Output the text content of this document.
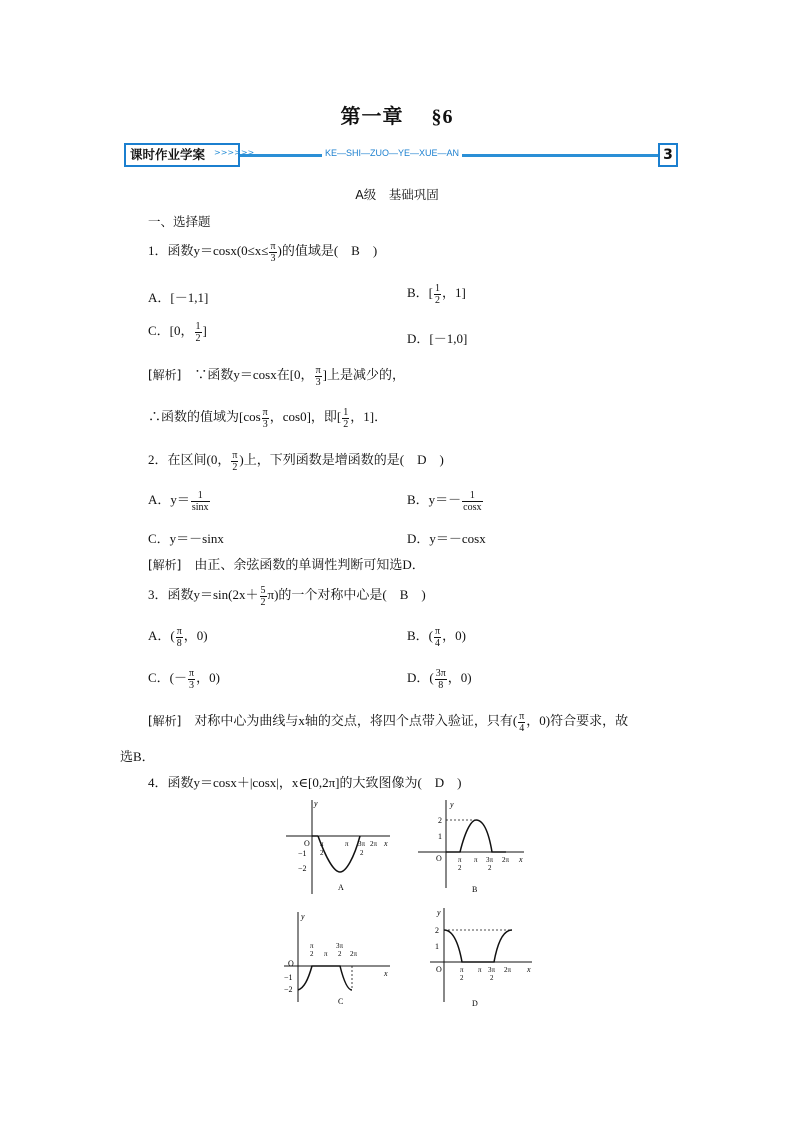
第一章 §6
课时作业学案	>>>>>>	KE—SHI—ZUO—YE—XUE—AN	3
A级　基础巩固
一、选择题
1．函数$y=\cos x(0\le x\le \frac{\pi}{3}$ )的值域是(　B　)
A．[－1,1]	B．[ $\frac{1}{2}$ ，1]
C．[0， $\frac{1}{2}$ ]
D．[－1,0]
[解析]　 ∵函数y＝cosx在[0， $\frac{\pi}{3}$ ]上是减少的，
∴函数的值域为[$\cos \frac{\pi}{3}$ ，cos0]，即[ $\frac{1}{2}$ ，1]．
2．在区间(0， $\frac{\pi}{2}$ )上，下列函数是增函数的是(　D　)
A．$y= \frac{1}{\sin x}$	B．$y=- \frac{1}{\cos x}$
C．y＝－sinx	D．y＝－cosx
[解析]　 由正、余弦函数的单调性判断可知选D．
3．函数$y=\sin(2x+ \frac{5}{2} \pi)$的一个对称中心是(　B　)
A．( $\frac{\pi}{8}$ ，0)	B．( $\frac{\pi}{4}$ ，0)
C．(－ $\frac{\pi}{3}$ ，0)	D．( $\frac{3\pi}{8}$ ，0)
[解析]　 对称中心为曲线与x轴的交点，将四个点带入验证，只有( $\frac{\pi}{4}$ ，0)符合要求，故
选B．
4．函数y＝cosx＋|cosx|，x∈[0,2π]的大致图像为(　D　)
y
x
O
−1
−2
π
2
π 3π
2
2π
A
y
x
O
2
1
π
2
π 3π
2
2π
B
y
x
O
−1
−2
π
2 π
3π
2 2π
C
y
x
O
2
1
π
2
π 3π
2
2π
D
